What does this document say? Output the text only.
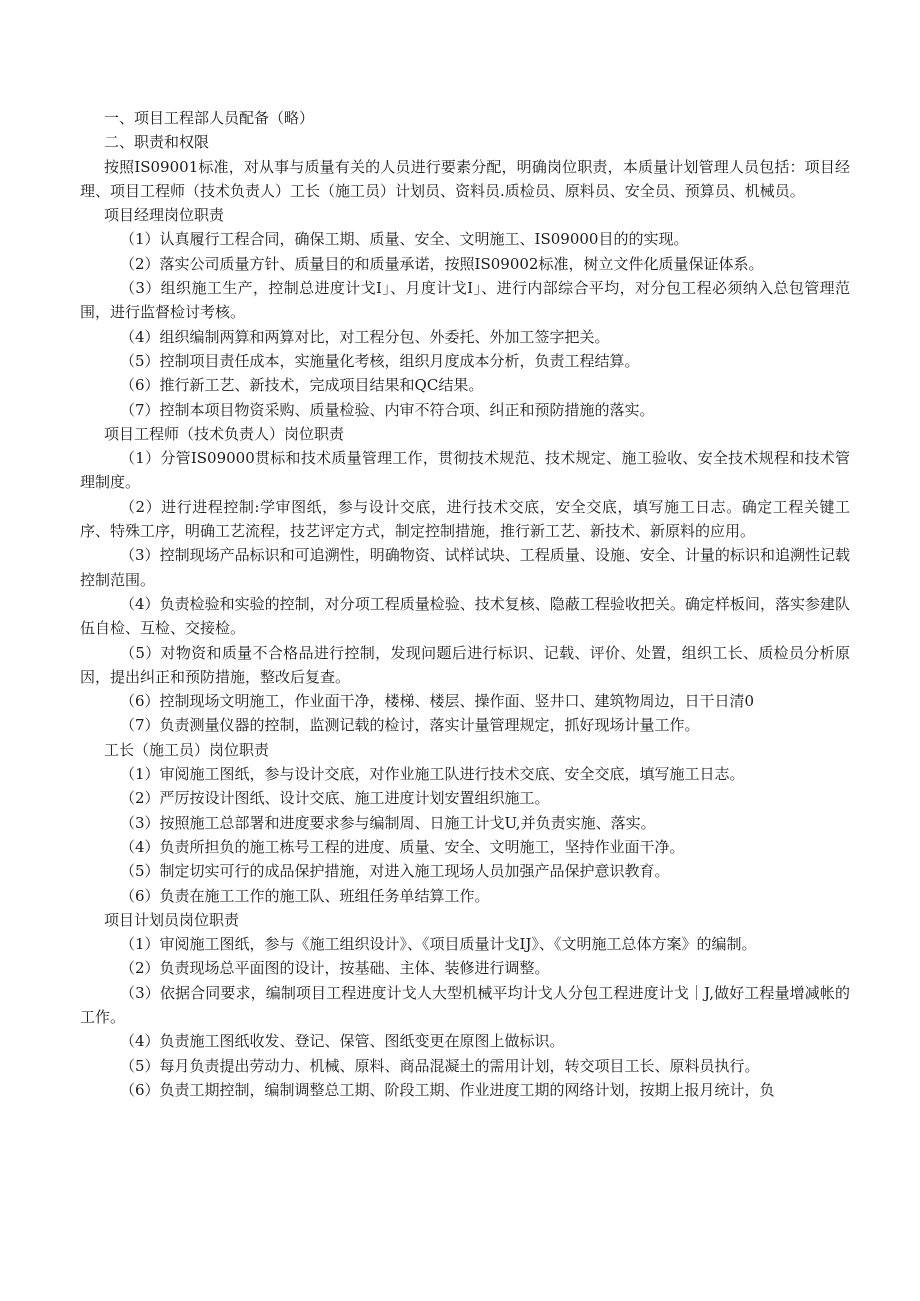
一、项目工程部人员配备（略）

二、职责和权限

按照IS09001标准，对从事与质量有关的人员进行要素分配，明确岗位职责，本质量计划管理人员包括：项目经理、项目工程师（技术负责人）工长（施工员）计划员、资料员.质检员、原料员、安全员、预算员、机械员。

项目经理岗位职责

（1）认真履行工程合同，确保工期、质量、安全、文明施工、IS09000目的的实现。

（2）落实公司质量方针、质量目的和质量承诺，按照IS09002标准，树立文件化质量保证体系。

（3）组织施工生产，控制总进度计戈I」、月度计戈I」、进行内部综合平均，对分包工程必须纳入总包管理范围，进行监督检讨考核。

（4）组织编制两算和两算对比，对工程分包、外委托、外加工签字把关。

（5）控制项目责任成本，实施量化考核，组织月度成本分析，负责工程结算。

（6）推行新工艺、新技术，完成项目结果和QC结果。

（7）控制本项目物资采购、质量检验、内审不符合项、纠正和预防措施的落实。

项目工程师（技术负责人）岗位职责

（1）分管IS09000贯标和技术质量管理工作，贯彻技术规范、技术规定、施工验收、安全技术规程和技术管理制度。

（2）进行进程控制:学审图纸，参与设计交底，进行技术交底，安全交底，填写施工日志。确定工程关键工序、特殊工序，明确工艺流程，技艺评定方式，制定控制措施，推行新工艺、新技术、新原料的应用。

（3）控制现场产品标识和可追溯性，明确物资、试样试块、工程质量、设施、安全、计量的标识和追溯性记载控制范围。

（4）负责检验和实验的控制，对分项工程质量检验、技术复核、隐蔽工程验收把关。确定样板间，落实参建队伍自检、互检、交接检。

（5）对物资和质量不合格品进行控制，发现问题后进行标识、记载、评价、处置，组织工长、质检员分析原因，提出纠正和预防措施，整改后复查。

（6）控制现场文明施工，作业面干净，楼梯、楼层、操作面、竖井口、建筑物周边，日干日清0

（7）负责测量仪器的控制，监测记载的检讨，落实计量管理规定，抓好现场计量工作。

工长（施工员）岗位职责

（1）审阅施工图纸，参与设计交底，对作业施工队进行技术交底、安全交底，填写施工日志。

（2）严厉按设计图纸、设计交底、施工进度计划安置组织施工。

（3）按照施工总部署和进度要求参与编制周、日施工计戈U,并负责实施、落实。

（4）负责所担负的施工栋号工程的进度、质量、安全、文明施工，坚持作业面干净。

（5）制定切实可行的成品保护措施，对进入施工现场人员加强产品保护意识教育。

（6）负责在施工工作的施工队、班组任务单结算工作。

项目计划员岗位职责

（1）审阅施工图纸，参与《施工组织设计》、《项目质量计戈IJ》、《文明施工总体方案》的编制。

（2）负责现场总平面图的设计，按基础、主体、装修进行调整。

（3）依据合同要求，编制项目工程进度计戈人大型机械平均计戈人分包工程进度计戈｜J,做好工程量增减帐的工作。

（4）负责施工图纸收发、登记、保管、图纸变更在原图上做标识。

（5）每月负责提出劳动力、机械、原料、商品混凝土的需用计划，转交项目工长、原料员执行。

（6）负责工期控制，编制调整总工期、阶段工期、作业进度工期的网络计划，按期上报月统计，负
